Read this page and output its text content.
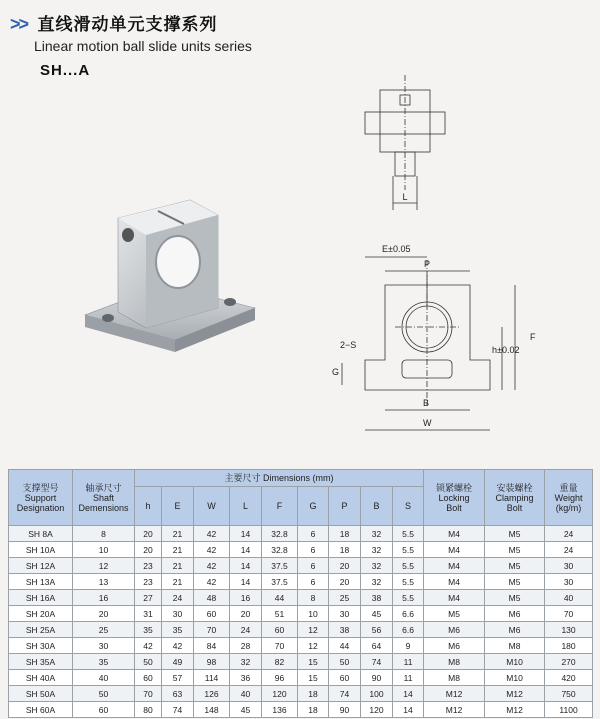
>> 直线滑动单元支撑系列
Linear motion ball slide units series
SH...A
L
E±0.05
P
F
h±0.02
2−S
G
B
W
支撑型号
Support
Designation	轴承尺寸
Shaft
Demensions	主要尺寸 Dimensions (mm)									锁紧螺栓
Locking
Bolt	安装螺栓
Clamping
Bolt	重量
Weight
(kg/m)

		h	E	W	L	F	G	P	B	S			
SH 8A	8	20	21	42	14	32.8	6	18	32	5.5	M4	M5	24
SH 10A	10	20	21	42	14	32.8	6	18	32	5.5	M4	M5	24
SH 12A	12	23	21	42	14	37.5	6	20	32	5.5	M4	M5	30
SH 13A	13	23	21	42	14	37.5	6	20	32	5.5	M4	M5	30
SH 16A	16	27	24	48	16	44	8	25	38	5.5	M4	M5	40
SH 20A	20	31	30	60	20	51	10	30	45	6.6	M5	M6	70
SH 25A	25	35	35	70	24	60	12	38	56	6.6	M6	M6	130
SH 30A	30	42	42	84	28	70	12	44	64	9	M6	M8	180
SH 35A	35	50	49	98	32	82	15	50	74	11	M8	M10	270
SH 40A	40	60	57	114	36	96	15	60	90	11	M8	M10	420
SH 50A	50	70	63	126	40	120	18	74	100	14	M12	M12	750
SH 60A	60	80	74	148	45	136	18	90	120	14	M12	M12	1100
